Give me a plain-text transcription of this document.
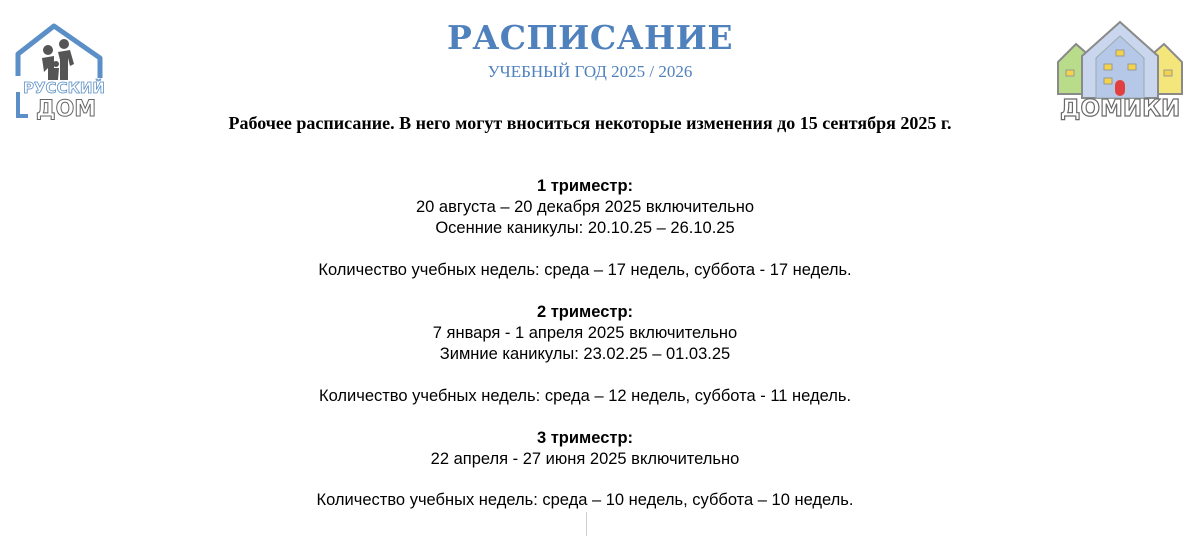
РУССКИЙ
ДОМ	ДОМИКИ
РАСПИСАНИЕ
УЧЕБНЫЙ ГОД 2025 / 2026
Рабочее расписание. В него могут вноситься некоторые изменения до 15 сентября 2025 г.
1 триместр:
20 августа – 20 декабря 2025 включительно
Осенние каникулы: 20.10.25 – 26.10.25
Количество учебных недель: среда – 17 недель, суббота - 17 недель.
2 триместр:
7 января - 1 апреля 2025 включительно
Зимние каникулы: 23.02.25 – 01.03.25
Количество учебных недель: среда – 12 недель, суббота - 11 недель.
3 триместр:
22 апреля - 27 июня 2025 включительно
Количество учебных недель: среда – 10 недель, суббота – 10 недель.
